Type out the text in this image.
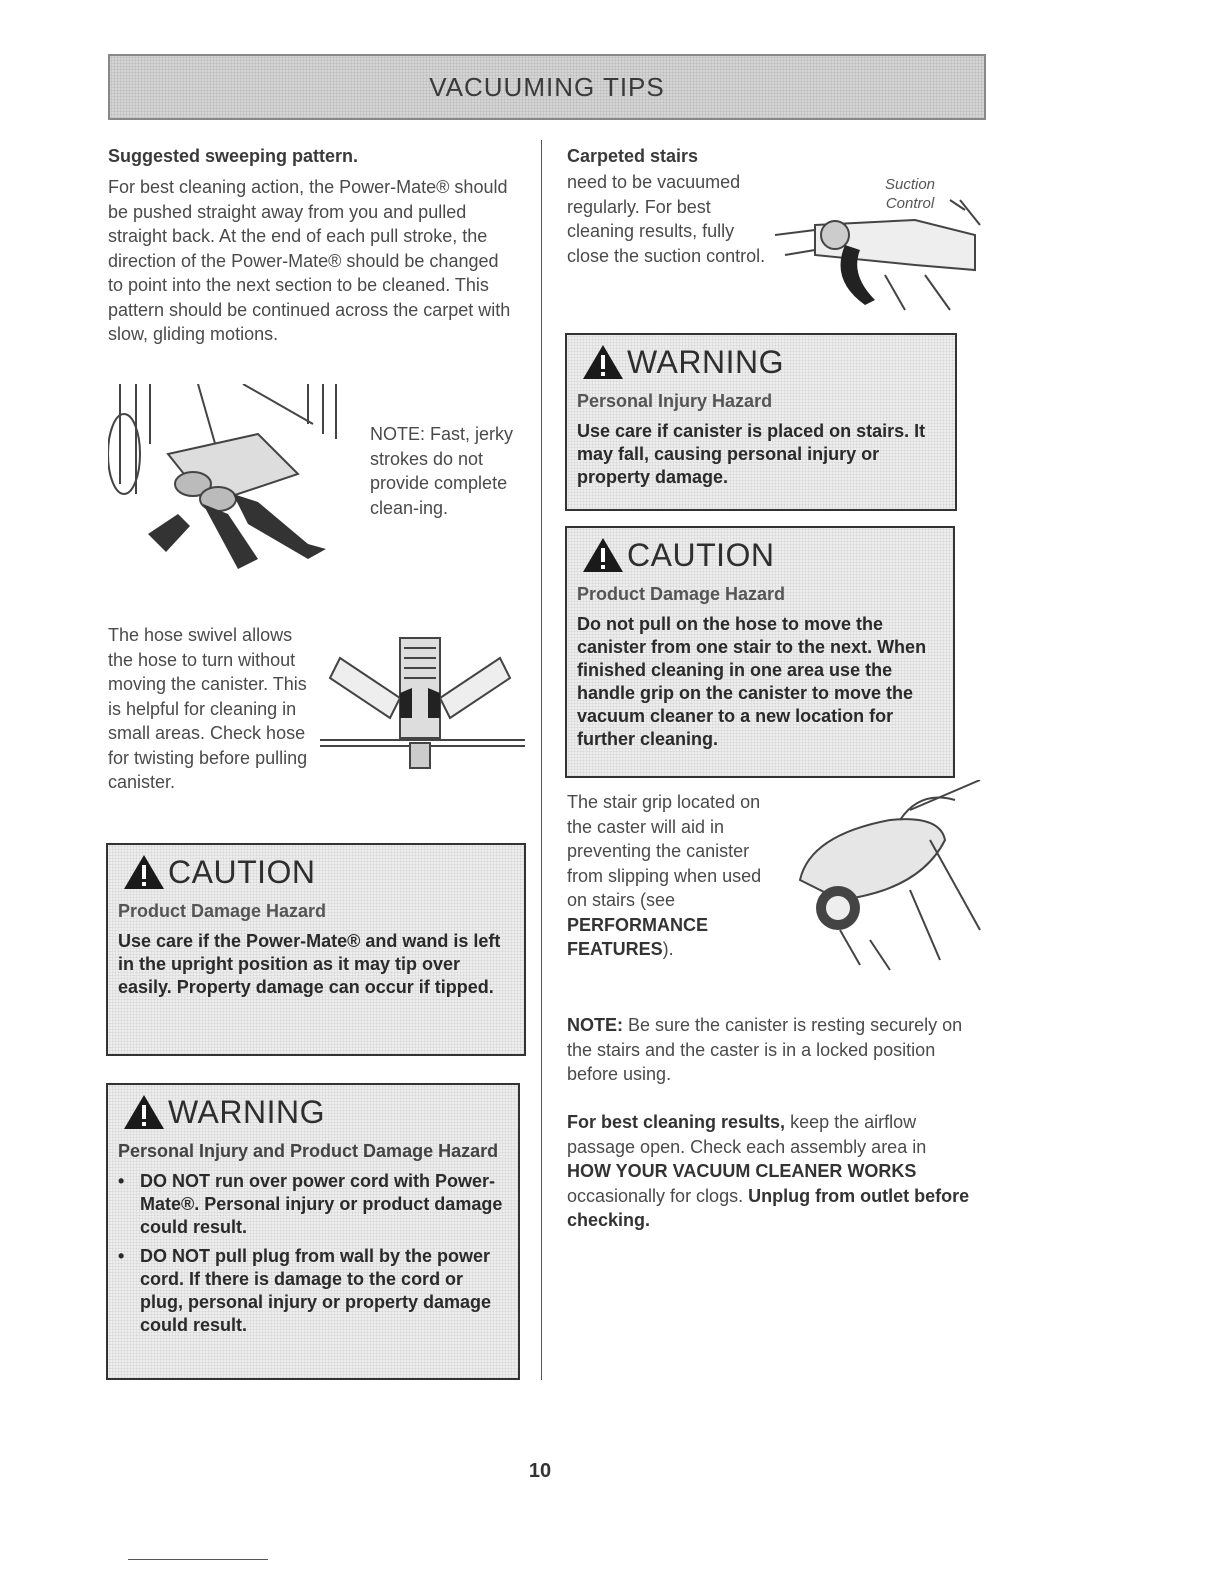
VACUUMING TIPS
Suggested sweeping pattern.
For best cleaning action, the Power-Mate® should be pushed straight away from you and pulled straight back. At the end of each pull stroke, the direction of the Power-Mate® should be changed to point into the next section to be cleaned. This pattern should be continued across the carpet with slow, gliding motions.
NOTE: Fast, jerky strokes do not provide complete clean-ing.
The hose swivel allows the hose to turn without moving the canister. This is helpful for cleaning in small areas. Check hose for twisting before pulling canister.
CAUTION
Product Damage Hazard
Use care if the Power-Mate® and wand is left in the upright position as it may tip over easily. Property damage can occur if tipped.
WARNING
Personal Injury and Product Damage Hazard
• DO NOT run over power cord with Power-Mate®. Personal injury or product damage could result.
• DO NOT pull plug from wall by the power cord. If there is damage to the cord or plug, personal injury or property damage could result.
Carpeted stairs
need to be vacuumed regularly. For best cleaning results, fully close the suction control.
Suction Control
WARNING
Personal Injury Hazard
Use care if canister is placed on stairs. It may fall, causing personal injury or property damage.
CAUTION
Product Damage Hazard
Do not pull on the hose to move the canister from one stair to the next. When finished cleaning in one area use the handle grip on the canister to move the vacuum cleaner to a new location for further cleaning.
The stair grip located on the caster will aid in preventing the canister from slipping when used on stairs (see PERFORMANCE FEATURES).
NOTE: Be sure the canister is resting securely on the stairs and the caster is in a locked position before using.
For best cleaning results, keep the airflow passage open. Check each assembly area in HOW YOUR VACUUM CLEANER WORKS occasionally for clogs. Unplug from outlet before checking.
10
